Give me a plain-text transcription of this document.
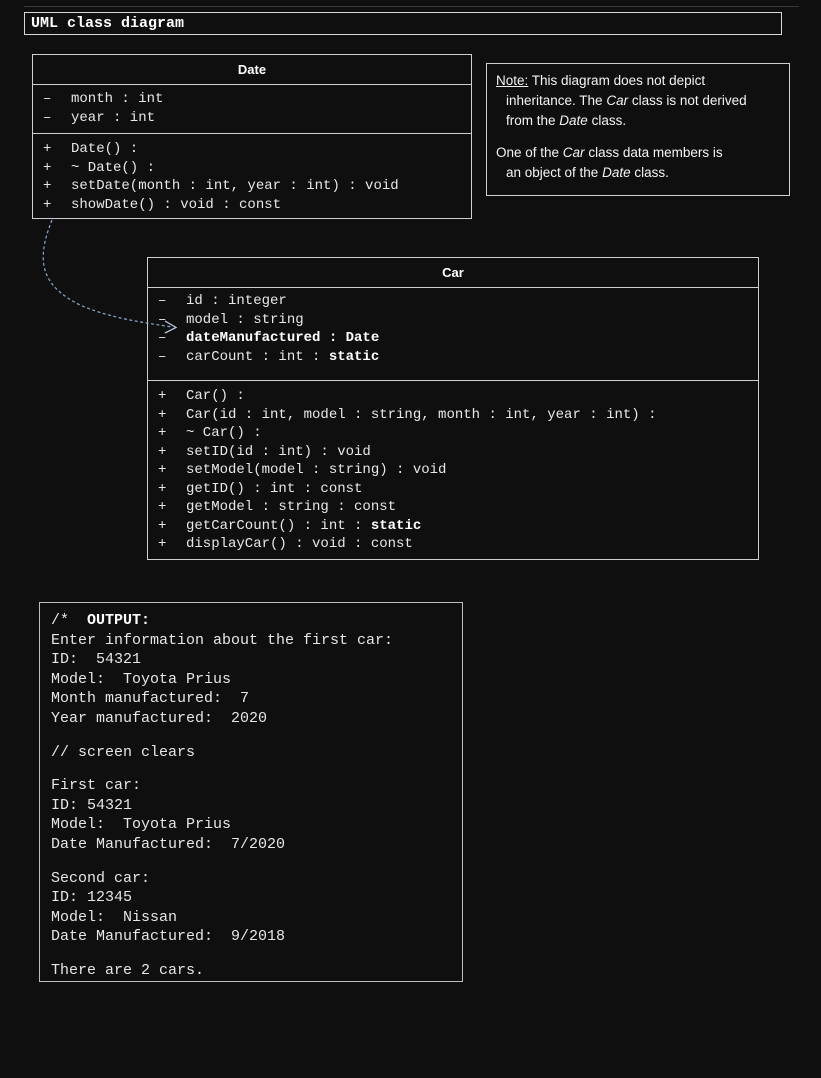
UML class diagram
Date
–	month : int
–	year : int
+	Date() :
+	~ Date() :
+	setDate(month : int, year : int) : void
+	showDate() : void : const

Note: This diagram does not depict

inheritance. The Car class is not derived

from the Date class.

One of the Car class data members is

an object of the Date class.

Car
–	id : integer
–	model : string
–	dateManufactured : Date
–	carCount : int : static
+	Car() :
+	Car(id : int, model : string, month : int, year : int) :
+	~ Car() :
+	setID(id : int) : void
+	setModel(model : string) : void
+	getID() : int : const
+	getModel : string : const
+	getCarCount() : int : static
+	displayCar() : void : const
/*  OUTPUT:
Enter information about the first car:
ID:  54321
Model:  Toyota Prius
Month manufactured:  7
Year manufactured:  2020
// screen clears
First car:
ID: 54321
Model:  Toyota Prius
Date Manufactured:  7/2020
Second car:
ID: 12345
Model:  Nissan
Date Manufactured:  9/2018
There are 2 cars.
